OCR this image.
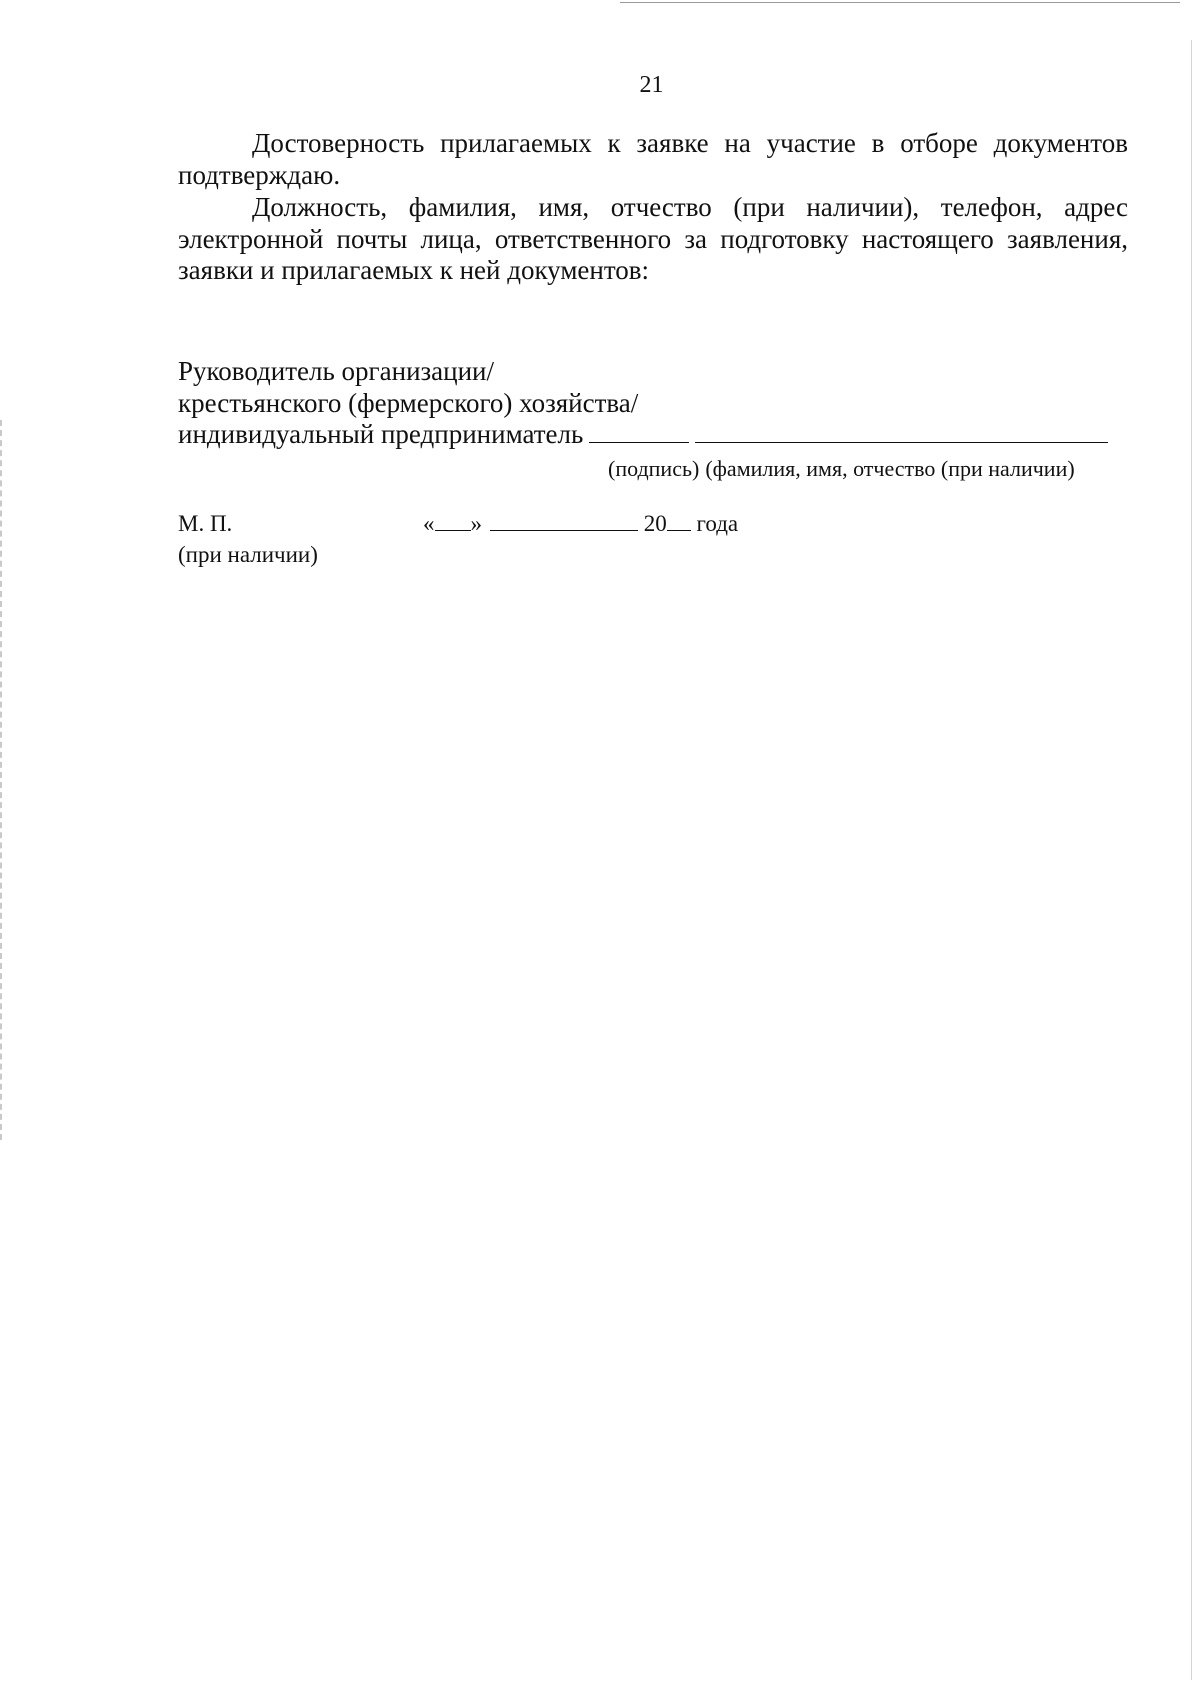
21

Достоверность прилагаемых к заявке на участие в отборе документов подтверждаю.

Должность, фамилия, имя, отчество (при наличии), телефон, адрес электронной почты лица, ответственного за подготовку настоящего заявления, заявки и прилагаемых к ней документов:

Руководитель организации/
крестьянского (фермерского) хозяйства/
индивидуальный предприниматель
(подпись) (фамилия, имя, отчество (при наличии)
М. П.
(при наличии)
« »	20 года
